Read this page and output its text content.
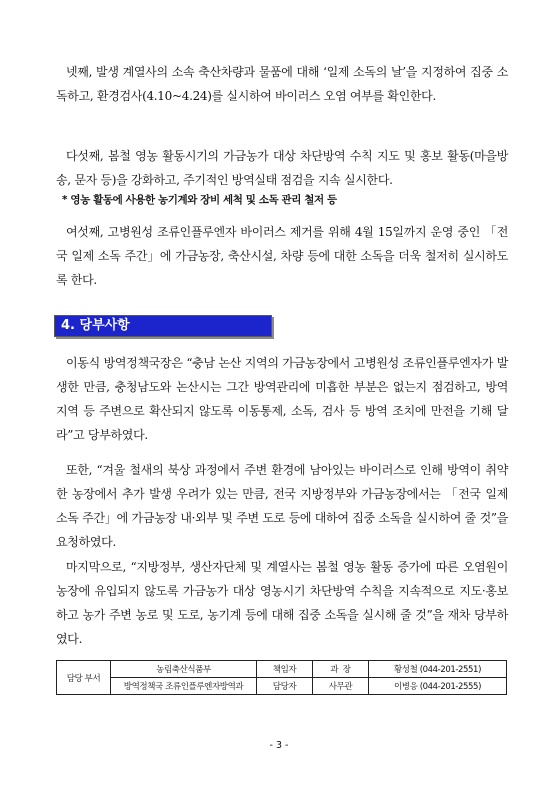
넷째, 발생 계열사의 소속 축산차량과 물품에 대해 ‘일제 소독의 날’을 지정하여 집중 소독하고, 환경검사(4.10~4.24)를 실시하여 바이러스 오염 여부를 확인한다.
다섯째, 봄철 영농 활동시기의 가금농가 대상 차단방역 수칙 지도 및 홍보 활동(마을방송, 문자 등)을 강화하고, 주기적인 방역실태 점검을 지속 실시한다.
* 영농 활동에 사용한 농기계와 장비 세척 및 소독 관리 철저 등
여섯째, 고병원성 조류인플루엔자 바이러스 제거를 위해 4월 15일까지 운영 중인 「전국 일제 소독 주간」에 가금농장, 축산시설, 차량 등에 대한 소독을 더욱 철저히 실시하도록 한다.
4. 당부사항
이동식 방역정책국장은 “충남 논산 지역의 가금농장에서 고병원성 조류인플루엔자가 발생한 만큼, 충청남도와 논산시는 그간 방역관리에 미흡한 부분은 없는지 점검하고, 방역 지역 등 주변으로 확산되지 않도록 이동통제, 소독, 검사 등 방역 조치에 만전을 기해 달라”고 당부하였다.
또한, “겨울 철새의 북상 과정에서 주변 환경에 남아있는 바이러스로 인해 방역이 취약한 농장에서 추가 발생 우려가 있는 만큼, 전국 지방정부와 가금농장에서는 「전국 일제 소독 주간」에 가금농장 내·외부 및 주변 도로 등에 대하여 집중 소독을 실시하여 줄 것”을 요청하였다.
마지막으로, “지방정부, 생산자단체 및 계열사는 봄철 영농 활동 증가에 따른 오염원이 농장에 유입되지 않도록 가금농가 대상 영농시기 차단방역 수칙을 지속적으로 지도·홍보하고 농가 주변 농로 및 도로, 농기계 등에 대해 집중 소독을 실시해 줄 것”을 재차 당부하였다.
담당 부서	농림축산식품부	책임자	과  장	황성철 (044-201-2551)
	방역정책국 조류인플루엔자방역과	담당자	사무관	이병응 (044-201-2555)
- 3 -
